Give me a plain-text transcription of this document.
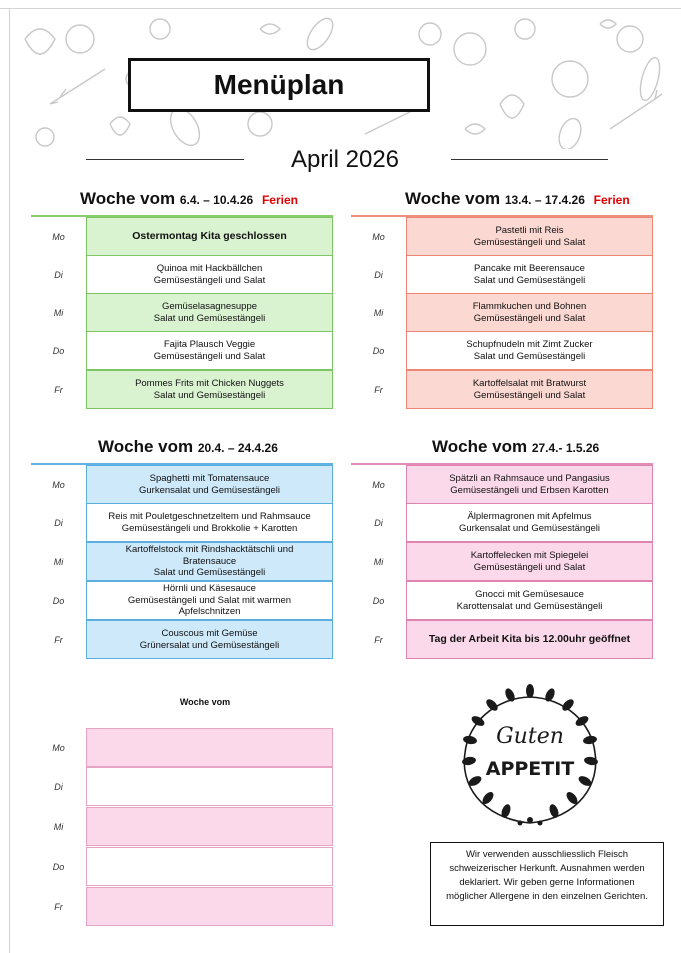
Menüplan
April 2026
Woche vom 6.4. – 10.4.26 Ferien
Mo	Ostermontag Kita geschlossen
Di
Quinoa mit Hackbällchen
Gemüsestängeli und Salat
Mi
Gemüselasagnesuppe
Salat und Gemüsestängeli
Do
Fajita Plausch Veggie
Gemüsestängeli und Salat
Fr
Pommes Frits mit Chicken Nuggets
Salat und Gemüsestängeli
Woche vom 13.4. – 17.4.26 Ferien
Mo
Pastetli mit Reis
Gemüsestängeli und Salat
Di
Pancake mit Beerensauce
Salat und Gemüsestängeli
Mi
Flammkuchen und Bohnen
Gemüsestängeli und Salat
Do
Schupfnudeln mit Zimt Zucker
Salat und Gemüsestängeli
Fr
Kartoffelsalat mit Bratwurst
Gemüsestängeli und Salat
Woche vom 20.4. – 24.4.26
Mo
Spaghetti mit Tomatensauce
Gurkensalat und Gemüsestängeli
Di
Reis mit Pouletgeschnetzeltem und Rahmsauce
Gemüsestängeli und Brokkolie + Karotten
Mi
Kartoffelstock mit Rindshacktätschli und
Bratensauce
Salat und Gemüsestängeli
Do
Hörnli und Käsesauce
Gemüsestängeli und Salat mit warmen
Apfelschnitzen
Fr
Couscous mit Gemüse
Grünersalat und Gemüsestängeli
Woche vom 27.4.- 1.5.26
Mo
Spätzli an Rahmsauce und Pangasius
Gemüsestängeli und Erbsen Karotten
Di
Älplermagronen mit Apfelmus
Gurkensalat und Gemüsestängeli
Mi
Kartoffelecken mit Spiegelei
Gemüsestängeli und Salat
Do
Gnocci mit Gemüsesauce
Karottensalat und Gemüsestängeli
Fr	Tag der Arbeit Kita bis 12.00uhr geöffnet
Woche vom
Mo
Di
Mi
Do
Fr
Guten
APPETIT
Wir verwenden ausschliesslich Fleisch schweizerischer Herkunft. Ausnahmen werden deklariert. Wir geben gerne Informationen möglicher Allergene in den einzelnen Gerichten.
